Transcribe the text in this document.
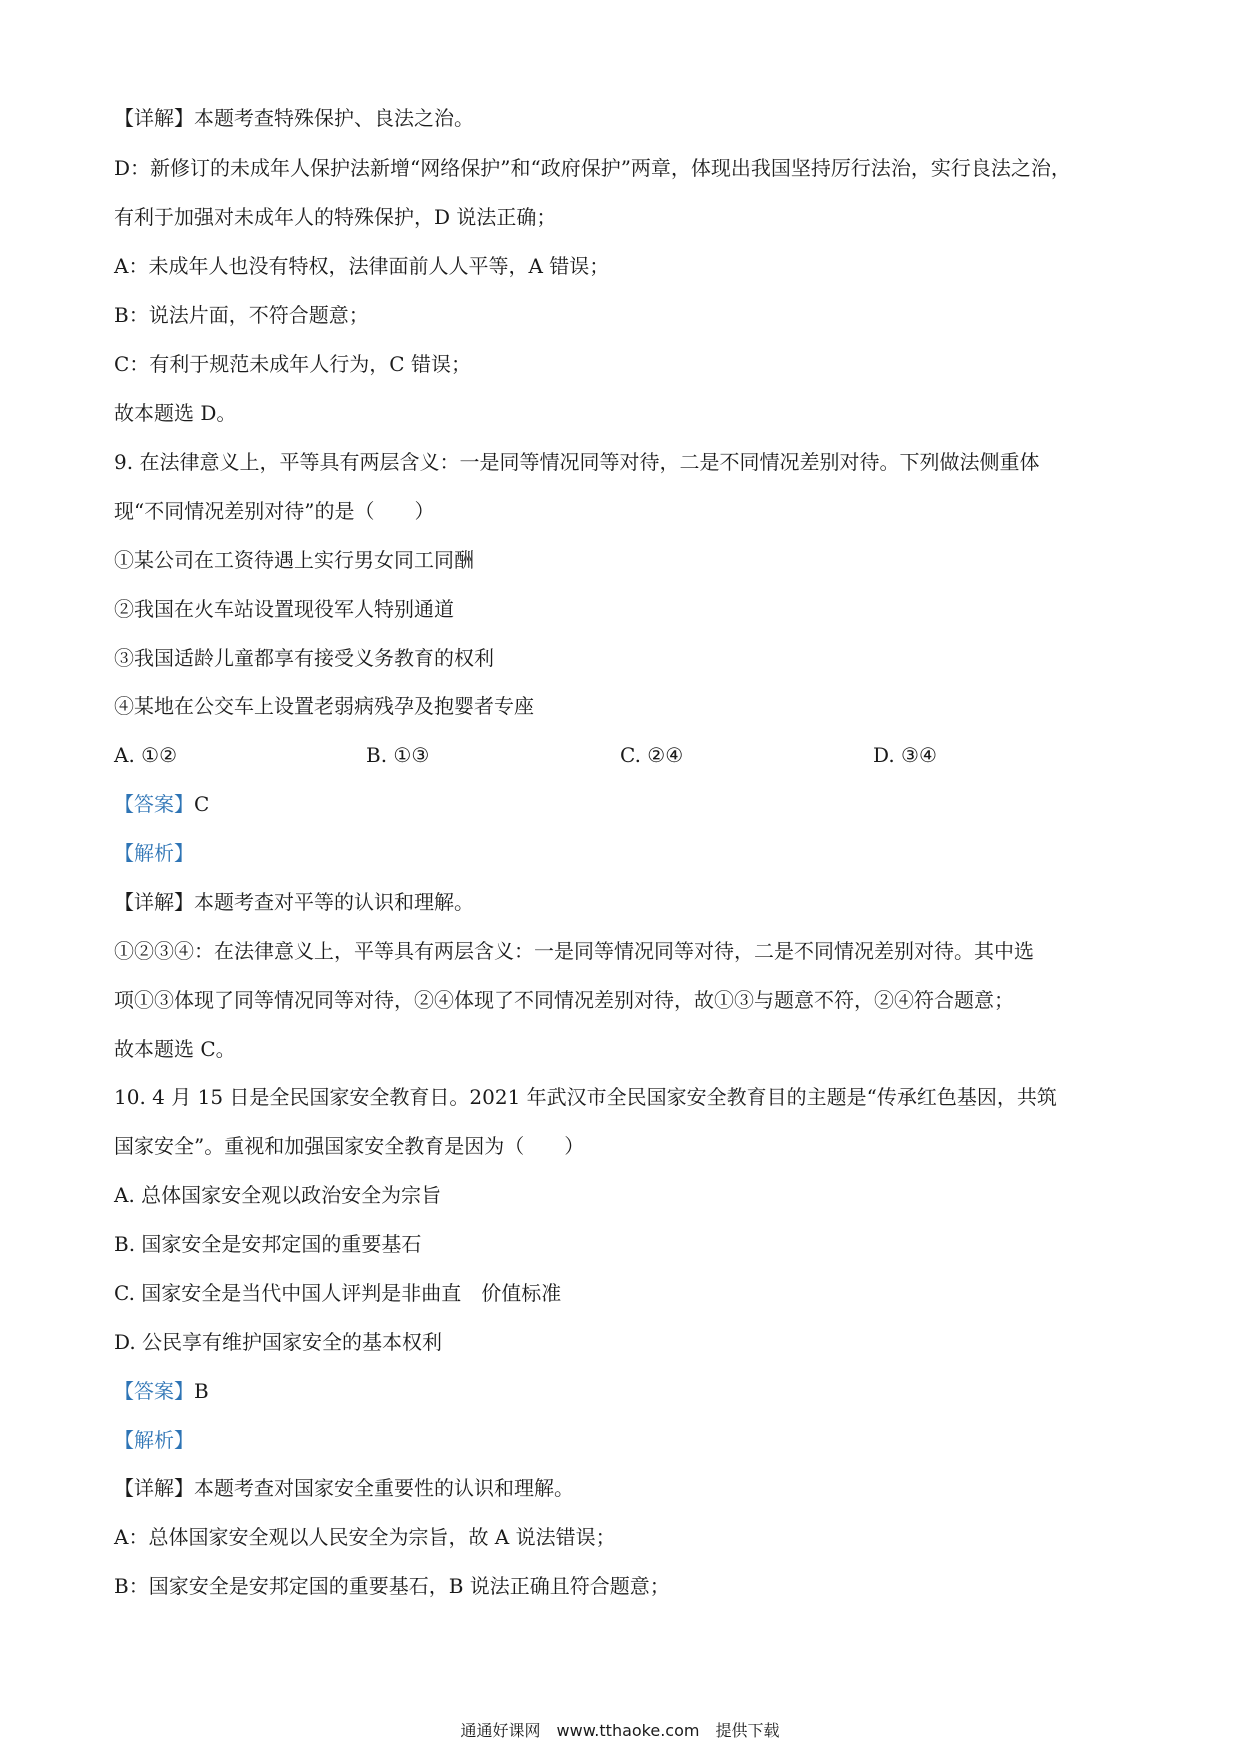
【详解】本题考查特殊保护、良法之治。
D：新修订的未成年人保护法新增“网络保护”和“政府保护”两章，体现出我国坚持厉行法治，实行良法之治，
有利于加强对未成年人的特殊保护，D 说法正确；
A：未成年人也没有特权，法律面前人人平等，A 错误；
B：说法片面，不符合题意；
C：有利于规范未成年人行为，C 错误；
故本题选 D。
9. 在法律意义上，平等具有两层含义：一是同等情况同等对待，二是不同情况差别对待。下列做法侧重体
现“不同情况差别对待”的是（　　）
①某公司在工资待遇上实行男女同工同酬
②我国在火车站设置现役军人特别通道
③我国适龄儿童都享有接受义务教育的权利
④某地在公交车上设置老弱病残孕及抱婴者专座
A. ①②	B. ①③	C. ②④	D. ③④
【答案】C
【解析】
【详解】本题考查对平等的认识和理解。
①②③④：在法律意义上，平等具有两层含义：一是同等情况同等对待，二是不同情况差别对待。其中选
项①③体现了同等情况同等对待，②④体现了不同情况差别对待，故①③与题意不符，②④符合题意；
故本题选 C。
10. 4 月 15 日是全民国家安全教育日。2021 年武汉市全民国家安全教育目的主题是“传承红色基因，共筑
国家安全”。重视和加强国家安全教育是因为（　　）
A. 总体国家安全观以政治安全为宗旨
B. 国家安全是安邦定国的重要基石
C. 国家安全是当代中国人评判是非曲直　价值标准
D. 公民享有维护国家安全的基本权利
【答案】B
【解析】
【详解】本题考查对国家安全重要性的认识和理解。
A：总体国家安全观以人民安全为宗旨，故 A 说法错误；
B：国家安全是安邦定国的重要基石，B 说法正确且符合题意；
通通好课网　www.tthaoke.com　提供下载
